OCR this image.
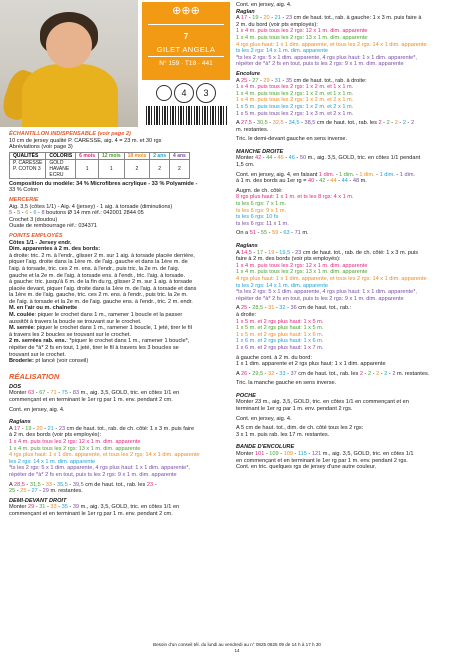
⊕⊕⊕
7
GILET ANGELA
N° 159 · T18 · 441
4	3
ÉCHANTILLON INDISPENSABLE (voir page 2)
10 cm de jersey qualité P. CARESSE, aig. 4 = 23 m. et 30 rgs
Abréviations (voir page 3)
QUALITÉS	COLORIS	6 mois	12 mois	18 mois	2 ans	4 ans
P. CARESSE
P. COTON 3	GOLD
HAVANE
ECRU	1	1	2	2	2
Composition du modèle: 34 % Microfibres acrylique - 33 % Polyamide -
33 % Coton
MERCERIE
Aig. 3,5 (côtes 1/1) - Aig. 4 (jersey) - 1 aig. à torsade (diminutions)
5 - 5 - 6 - 6 - 8 boutons Ø 14 mm réf.: 042001 2844 05
Crochet 3 (doudou)
Ouate de rembourrage réf.: 034371
POINTS EMPLOYÉS
Côtes 1/1 - Jersey endr.
Dim. apparentes à 2 m. des bords:
à droite: tric. 2 m. à l'endr., glisser 2 m. sur 1 aig. à torsade placée derrière,
piquer l'aig. droite dans la 1ère m. de l'aig. gauche et dans la 1ère m. de
l'aig. à torsade, tric. ces 2 m. ens. à l'endr., puis tric. la 2e m. de l'aig.
gauche et la 2e m. de l'aig. à torsade ens. à l'endr., tric. l'aig. à torsade.
à gauche: tric. jusqu'à 6 m. de la fin du rg, glisser 2 m. sur 1 aig. à torsade
placée devant, piquer l'aig. droite dans la 1ère m. de l'aig. à torsade et dans
la 1ère m. de l'aig. gauche, tric. ces 2 m. ens. à l'endr., puis tric. la 2e m.
de l'aig. à torsade et la 2e m. de l'aig. gauche ens. à l'endr., tric. 2 m. endr.
M. en l'air ou m. chaînette
M. coulée: piquer le crochet dans 1 m., ramener 1 boucle et la passer
aussitôt à travers la boucle se trouvant sur le crochet.
M. serrée: piquer le crochet dans 1 m., ramener 1 boucle, 1 jeté, tirer le fil
à travers les 2 boucles se trouvant sur le crochet.
2 m. serrées rab. ens.: *piquer le crochet dans 1 m., ramener 1 boucle*,
répéter de *à* 2 fs en tout, 1 jeté, tirer le fil à travers les 3 boucles se
trouvant sur le crochet.
Broderie: pt lancé (voir conseil)
RÉALISATION
DOS
Monter 63 - 67 - 71 - 75 - 83 m., aig. 3,5, GOLD, tric. en côtes 1/1 en
commençant et en terminant le 1er rg par 1 m. env. pendant 2 cm.
Cont. en jersey, aig. 4.
Raglans
A 17 - 19 - 20 - 21 - 23 cm de haut. tot., rab. de ch. côté: 1 x 3 m. puis faire
à 2 m. des bords (voir pts employés):
1 x 4 m. puis tous les 2 rgs: 12 x 1 m. dim. apparente
1 x 4 m. puis tous les 2 rgs: 13 x 1 m. dim. apparente
4 rgs plus haut: 1 x 1 dim. apparente, et tous les 2 rgs: 14 x 1 dim. apparente
les 2 rgs: 14 x 1 m. dim. apparente
*ts les 2 rgs: 5 x 1 dim. apparente, 4 rgs plus haut: 1 x 1 dim. apparente*,
répéter de *à* 2 fs en tout, puis ts les 2 rgs: 9 x 1 m. dim. apparente
A 28,5 - 31,5 - 33 - 35,5 - 39,5 cm de haut. tot., rab. les 23 -
25 - 25 - 27 - 29 m. restantes.
DEMI-DEVANT DROIT
Monter 29 - 31 - 33 - 35 - 39 m., aig. 3,5, GOLD, tric. en côtes 1/1 en
commençant et en terminant le 1er rg par 1 m. env. pendant 2 cm.
Cont. en jersey, aig. 4.
Raglan
A 17 - 19 - 20 - 21 - 23 cm de haut. tot., rab. à gauche: 1 x 3 m. puis faire à
2 m. du bord (voir pts employés):
1 x 4 m. puis tous les 2 rgs: 12 x 1 m. dim. apparente
1 x 4 m. puis tous les 2 rgs: 13 x 1 m. dim. apparente
4 rgs plus haut: 1 x 1 dim. apparente, et tous les 2 rgs: 14 x 1 dim. apparente
ts les 2 rgs: 14 x 1 m. dim. apparente
*ts les 2 rgs: 5 x 1 dim. apparente, 4 rgs plus haut: 1 x 1 dim. apparente*,
répéter de *à* 2 fs en tout, puis ts les 2 rgs: 9 x 1 m. dim. apparente
Encolure
A 25 - 27 - 29 - 31 - 35 cm de haut. tot., rab. à droite:
1 x 4 m. puis tous les 2 rgs: 1 x 2 m. et 1 x 1 m.
1 x 4 m. puis tous les 2 rgs: 1 x 2 m. et 1 x 1 m.
1 x 4 m. puis tous les 2 rgs: 1 x 2 m. et 2 x 1 m.
1 x 5 m. puis tous les 2 rgs: 1 x 2 m. et 2 x 1 m.
1 x 5 m. puis tous les 2 rgs: 1 x 3 m. et 2 x 1 m.
A 27,5 - 30,5 - 32,5 - 34,5 - 38,5 cm de haut. tot., rab. les 2 - 2 - 2 - 2 - 2
m. restantes.
Tric. le demi-devant gauche en sens inverse.
MANCHE DROITE
Monter 42 - 44 - 46 - 46 - 50 m., aig. 3,5, GOLD, tric. en côtes 1/1 pendant
1,5 cm.
Cont. en jersey, aig. 4, en faisant 1 dim. - 1 dim. - 1 dim. - 1 dim. - 1 dim.
à 1 m. des bords au 1er rg = 40 - 42 - 44 - 44 - 48 m.
Augm. de ch. côté:
8 rgs plus haut: 1 x 1 m. et ts les 8 rgs: 4 x 1 m.
ts les 6 rgs: 7 x 1 m.
ts les 6 rgs: 9 x 1 m.
ts les 6 rgs: 10 fs
ts les 6 rgs: 11 x 1 m.
On a 51 - 55 - 59 - 63 - 71 m.
Raglans
A 14,5 - 17 - 19 - 19,5 - 23 cm de haut. tot., rab. de ch. côté: 1 x 3 m. puis
faire à 2 m. des bords (voir pts employés):
1 x 4 m. puis tous les 2 rgs: 12 x 1 m. dim. apparente
1 x 4 m. puis tous les 2 rgs: 13 x 1 m. dim. apparente
4 rgs plus haut: 1 x 1 dim. apparente, et tous les 2 rgs: 14 x 1 dim. apparente
ts les 2 rgs: 14 x 1 m. dim. apparente
*ts les 2 rgs: 5 x 1 dim. apparente, 4 rgs plus haut: 1 x 1 dim. apparente*,
répéter de *à* 2 fs en tout, puis ts les 2 rgs: 9 x 1 m. dim. apparente
A 25 - 28,5 - 31 - 32 - 36 cm de haut. tot., rab.:
à droite:
1 x 5 m. et 2 rgs plus haut: 1 x 5 m.
1 x 5 m. et 2 rgs plus haut: 1 x 5 m.
1 x 5 m. et 2 rgs plus haut: 1 x 6 m.
1 x 6 m. et 2 rgs plus haut: 1 x 6 m.
1 x 6 m. et 2 rgs plus haut: 1 x 7 m.
à gauche cont. à 2 m. du bord:
1 x 1 dim. apparente et 2 rgs plus haut: 1 x 1 dim. apparente
A 26 - 29,5 - 32 - 33 - 37 cm de haut. tot., rab. les 2 - 2 - 2 - 2 - 2 m. restantes.
Tric. la manche gauche en sens inverse.
POCHE
Monter 23 m., aig. 3,5, GOLD, tric. en côtes 1/1 en commençant et en
terminant le 1er rg par 1 m. env. pendant 2 rgs.
Cont. en jersey, aig. 4.
A 5 cm de haut. tot., dim. de ch. côté tous les 2 rgs:
3 x 1 m. puis rab. les 17 m. restantes.
BANDE D'ENCOLURE
Monter 101 - 109 - 109 - 115 - 121 m., aig. 3,5, GOLD, tric. en côtes 1/1
en commençant et en terminant le 1er rg par 1 m. env. pendant 2 rgs.
Cont. en tric. quelques rgs de jersey d'une autre couleur.
Besoin d'un conseil tél. du lundi au vendredi au n° 0825 0825 09 de 14 h à 17 h 30
14
